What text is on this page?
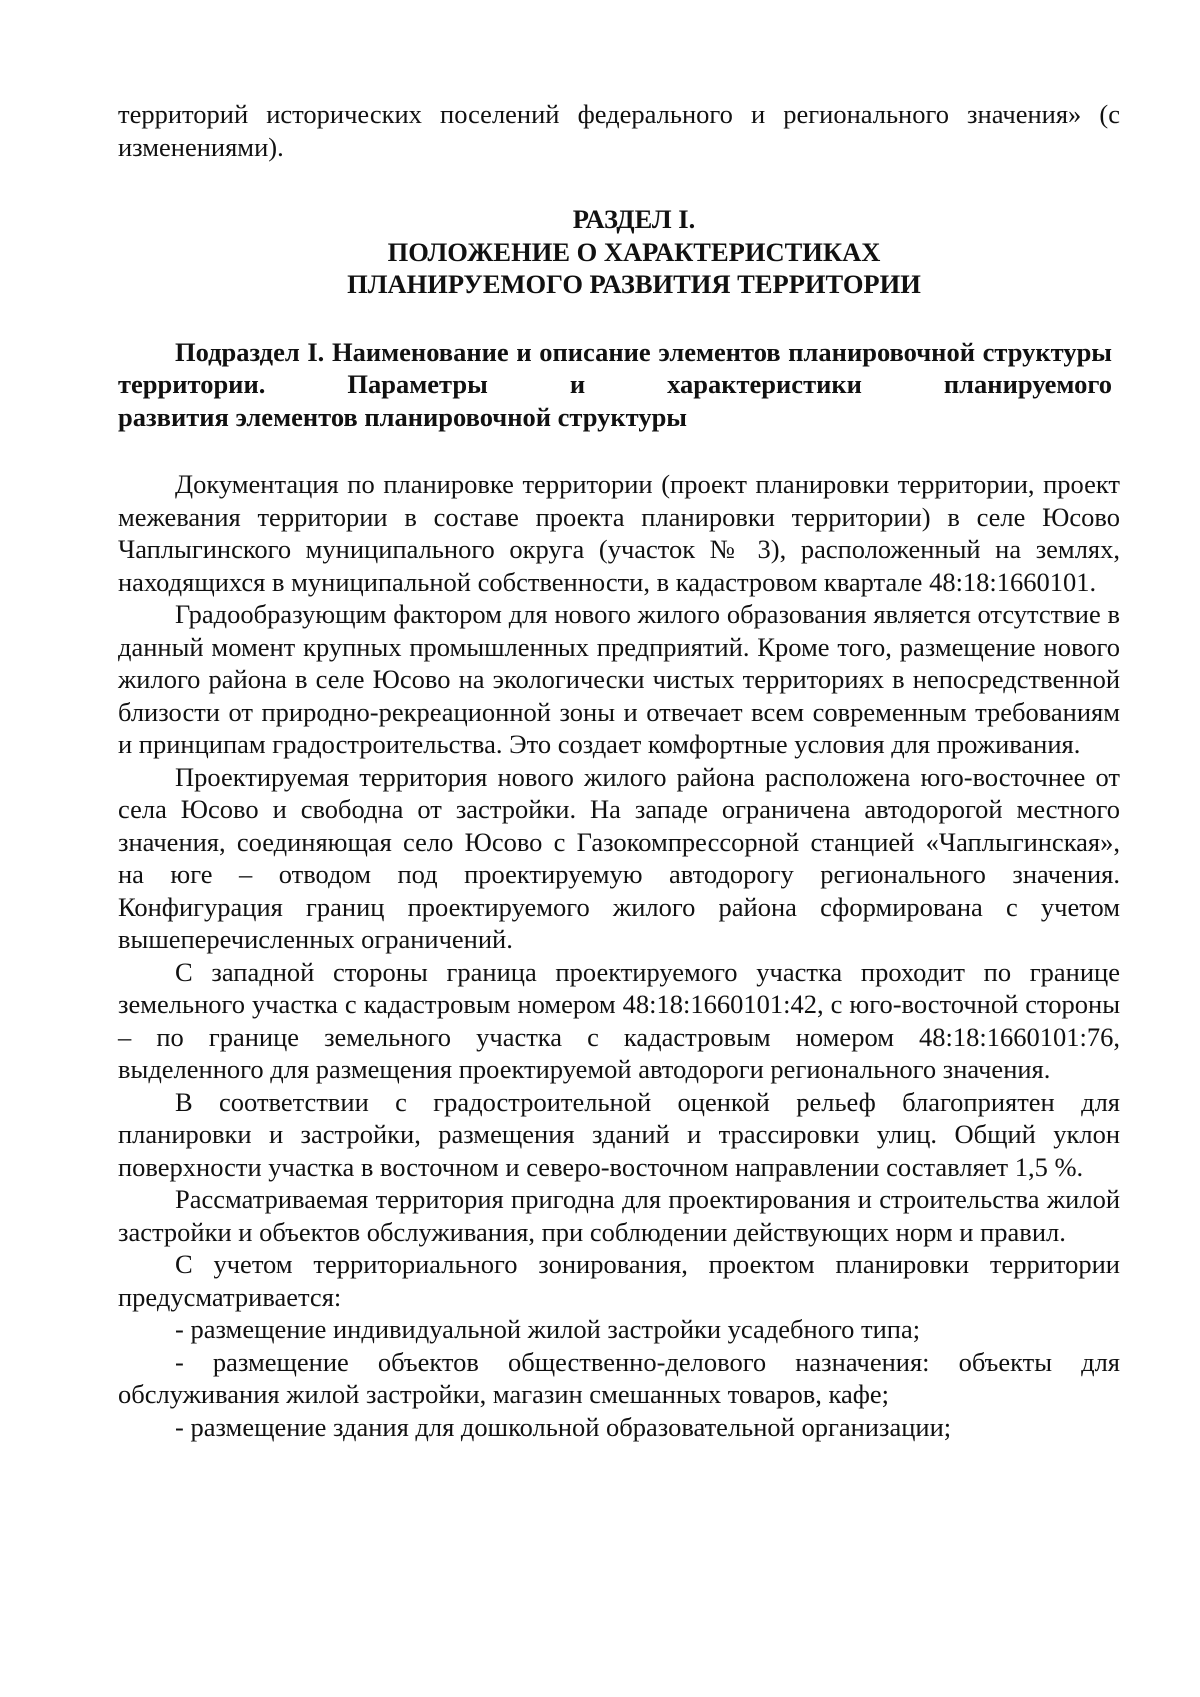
территорий исторических поселений федерального и регионального значения» (с

изменениями).

РАЗДЕЛ I.

ПОЛОЖЕНИЕ О ХАРАКТЕРИСТИКАХ

ПЛАНИРУЕМОГО РАЗВИТИЯ ТЕРРИТОРИИ

Подраздел I. Наименование и описание элементов планировочной структуры территории. Параметры и характеристики планируемого

развития элементов планировочной структуры

Документация по планировке территории (проект планировки территории, проект межевания территории в составе проекта планировки территории) в селе Юсово Чаплыгинского муниципального округа (участок № 3), расположенный на землях, находящихся в муниципальной собственности, в кадастровом квартале 48:18:1660101.

Градообразующим фактором для нового жилого образования является отсутствие в данный момент крупных промышленных предприятий. Кроме того, размещение нового жилого района в селе Юсово на экологически чистых территориях в непосредственной близости от природно-рекреационной зоны и отвечает всем современным требованиям и принципам градостроительства. Это создает комфортные условия для проживания.

Проектируемая территория нового жилого района расположена юго-восточнее от села Юсово и свободна от застройки. На западе ограничена автодорогой местного значения, соединяющая село Юсово с Газокомпрессорной станцией «Чаплыгинская», на юге – отводом под проектируемую автодорогу регионального значения. Конфигурация границ проектируемого жилого района сформирована с учетом вышеперечисленных ограничений.

С западной стороны граница проектируемого участка проходит по границе земельного участка с кадастровым номером 48:18:1660101:42, с юго-восточной стороны – по границе земельного участка с кадастровым номером 48:18:1660101:76, выделенного для размещения проектируемой автодороги регионального значения.

В соответствии с градостроительной оценкой рельеф благоприятен для планировки и застройки, размещения зданий и трассировки улиц. Общий уклон поверхности участка в восточном и северо-восточном направлении составляет 1,5 %.

Рассматриваемая территория пригодна для проектирования и строительства жилой застройки и объектов обслуживания, при соблюдении действующих норм и правил.

С учетом территориального зонирования, проектом планировки территории предусматривается:

- размещение индивидуальной жилой застройки усадебного типа;

- размещение объектов общественно-делового назначения: объекты для обслуживания жилой застройки, магазин смешанных товаров, кафе;

- размещение здания для дошкольной образовательной организации;
